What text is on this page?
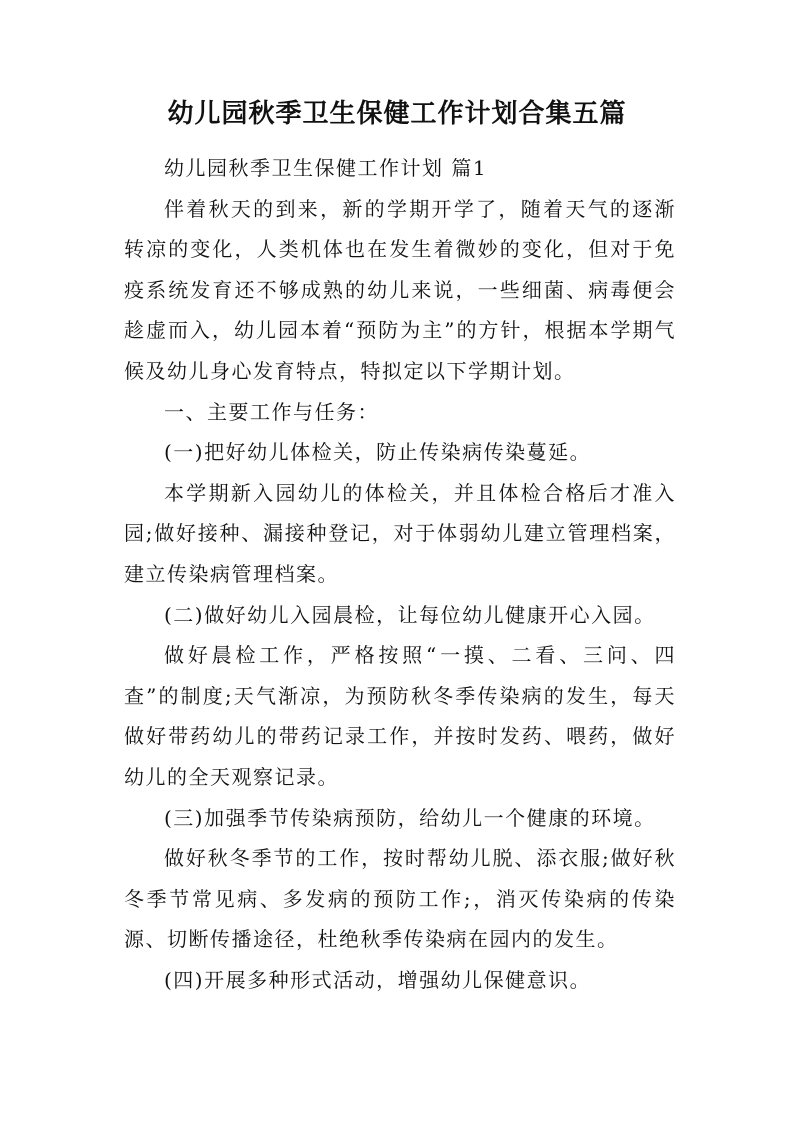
幼儿园秋季卫生保健工作计划合集五篇

幼儿园秋季卫生保健工作计划 篇1

伴着秋天的到来，新的学期开学了，随着天气的逐渐转凉的变化，人类机体也在发生着微妙的变化，但对于免疫系统发育还不够成熟的幼儿来说，一些细菌、病毒便会趁虚而入，幼儿园本着“预防为主”的方针，根据本学期气候及幼儿身心发育特点，特拟定以下学期计划。

一、主要工作与任务：

(一)把好幼儿体检关，防止传染病传染蔓延。

本学期新入园幼儿的体检关，并且体检合格后才准入园;做好接种、漏接种登记，对于体弱幼儿建立管理档案，建立传染病管理档案。

(二)做好幼儿入园晨检，让每位幼儿健康开心入园。

做好晨检工作，严格按照“一摸、二看、三问、四查”的制度;天气渐凉，为预防秋冬季传染病的发生，每天做好带药幼儿的带药记录工作，并按时发药、喂药，做好幼儿的全天观察记录。

(三)加强季节传染病预防，给幼儿一个健康的环境。

做好秋冬季节的工作，按时帮幼儿脱、添衣服;做好秋冬季节常见病、多发病的预防工作;，消灭传染病的传染源、切断传播途径，杜绝秋季传染病在园内的发生。

(四)开展多种形式活动，增强幼儿保健意识。
